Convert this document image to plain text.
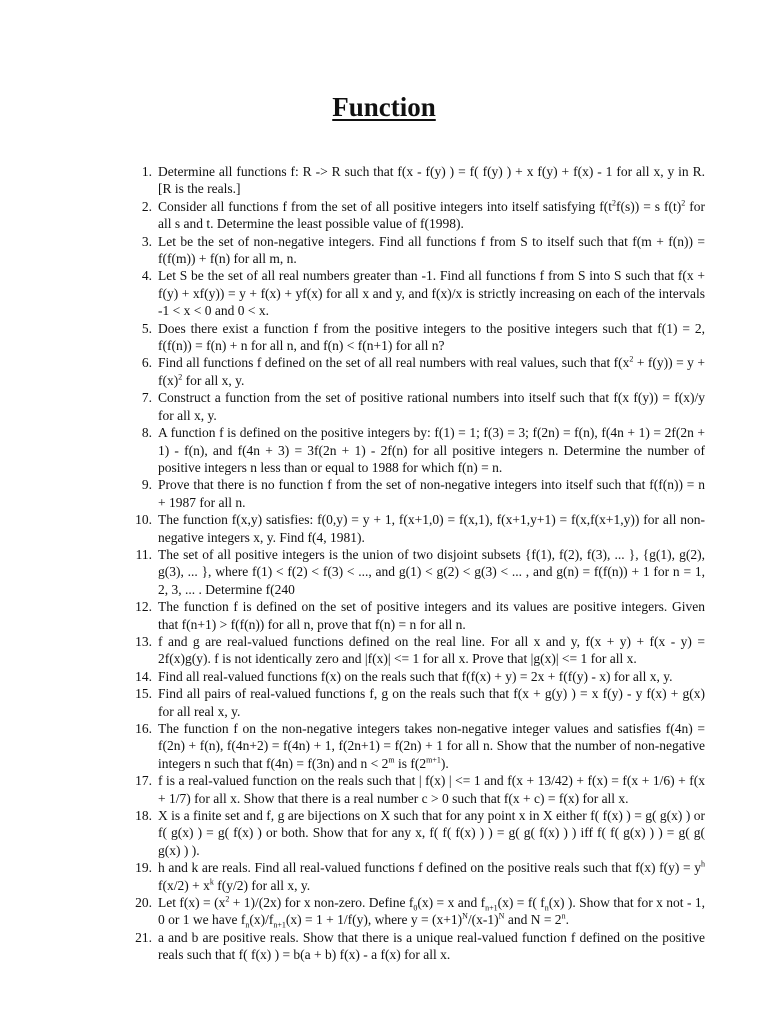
Function
1. Determine all functions f: R -> R such that f(x - f(y) ) = f( f(y) ) + x f(y) + f(x) - 1 for all x, y in R. [R is the reals.]
2. Consider all functions f from the set of all positive integers into itself satisfying $f(t^2f(s)) = s$ $f(t)^2$ for all s and t. Determine the least possible value of f(1998).
3. Let be the set of non-negative integers. Find all functions f from S to itself such that f(m + f(n)) = f(f(m)) + f(n) for all m, n.
4. Let S be the set of all real numbers greater than -1. Find all functions f from S into S such that f(x + f(y) + xf(y)) = y + f(x) + yf(x) for all x and y, and f(x)/x is strictly increasing on each of the intervals -1 < x < 0 and 0 < x.
5. Does there exist a function f from the positive integers to the positive integers such that f(1) = 2, f(f(n)) = f(n) + n for all n, and f(n) < f(n+1) for all n?
6. Find all functions f defined on the set of all real numbers with real values, such that $f(x^2 + f(y)) = y + f(x)^2$ for all x, y.
7. Construct a function from the set of positive rational numbers into itself such that f(x f(y)) = f(x)/y for all x, y.
8. A function f is defined on the positive integers by: f(1) = 1; f(3) = 3; f(2n) = f(n), f(4n + 1) = 2f(2n + 1) - f(n), and f(4n + 3) = 3f(2n + 1) - 2f(n) for all positive integers n. Determine the number of positive integers n less than or equal to 1988 for which f(n) = n.
9. Prove that there is no function f from the set of non-negative integers into itself such that f(f(n)) = n + 1987 for all n.
10. The function f(x,y) satisfies: f(0,y) = y + 1, f(x+1,0) = f(x,1), f(x+1,y+1) = f(x,f(x+1,y)) for all non-negative integers x, y. Find f(4, 1981).
11. The set of all positive integers is the union of two disjoint subsets {f(1), f(2), f(3), ... }, {g(1), g(2), g(3), ... }, where f(1) < f(2) < f(3) < ..., and g(1) < g(2) < g(3) < ... , and g(n) = f(f(n)) + 1 for n = 1, 2, 3, ... . Determine f(240
12. The function f is defined on the set of positive integers and its values are positive integers. Given that f(n+1) > f(f(n)) for all n, prove that f(n) = n for all n.
13. f and g are real-valued functions defined on the real line. For all x and y, f(x + y) + f(x - y) = 2f(x)g(y). f is not identically zero and |f(x)| <= 1 for all x. Prove that |g(x)| <= 1 for all x.
14. Find all real-valued functions f(x) on the reals such that f(f(x) + y) = 2x + f(f(y) - x) for all x, y.
15. Find all pairs of real-valued functions f, g on the reals such that f(x + g(y) ) = x f(y) - y f(x) + g(x) for all real x, y.
16. The function f on the non-negative integers takes non-negative integer values and satisfies f(4n) = f(2n) + f(n), f(4n+2) = f(4n) + 1, f(2n+1) = f(2n) + 1 for all n. Show that the number of non-negative integers n such that f(4n) = f(3n) and $n < 2^m$ is $f(2^{m+1})$.
17. f is a real-valued function on the reals such that | f(x) | <= 1 and f(x + 13/42) + f(x) = f(x + 1/6) + f(x + 1/7) for all x. Show that there is a real number c > 0 such that f(x + c) = f(x) for all x.
18. X is a finite set and f, g are bijections on X such that for any point x in X either f( f(x) ) = g( g(x) ) or f( g(x) ) = g( f(x) ) or both. Show that for any x, f( f( f(x) ) ) = g( g( f(x) ) ) iff f( f( g(x) ) ) = g( g( g(x) ) ).
19. h and k are reals. Find all real-valued functions f defined on the positive reals such that f(x) $f(y) = y^h$ $f(x/2) + x^k$ f(y/2) for all x, y.
20. Let $f(x) = (x^2 + 1)/(2x)$ for x non-zero. Define $f_0(x) = x$ and $f_{n+1}(x) = f$( $f_n(x)$ ). Show that for x not - 1, 0 or 1 we have $f_n(x)/f_{n+1}(x) = 1 + 1/f(y)$, where $y = (x+1)^N/(x-1)^N$ and $N = 2^n$.
21. a and b are positive reals. Show that there is a unique real-valued function f defined on the positive reals such that f( f(x) ) = b(a + b) f(x) - a f(x) for all x.
